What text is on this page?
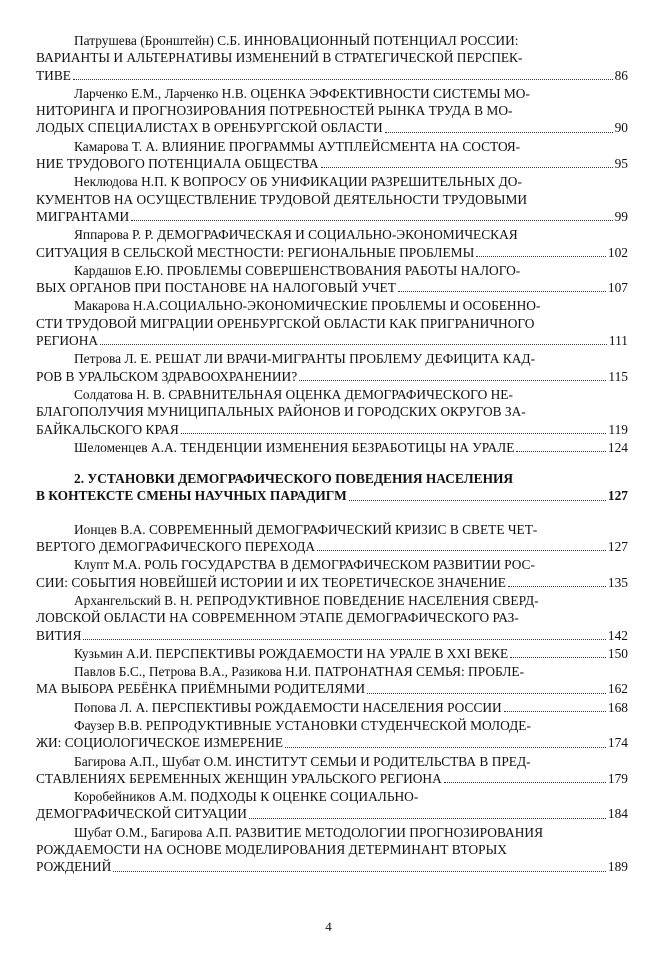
Патрушева (Бронштейн) С.Б. ИННОВАЦИОННЫЙ ПОТЕНЦИАЛ РОССИИ:
ВАРИАНТЫ И АЛЬТЕРНАТИВЫ ИЗМЕНЕНИЙ В СТРАТЕГИЧЕСКОЙ ПЕРСПЕК-
ТИВЕ	86
Ларченко Е.М., Ларченко Н.В. ОЦЕНКА ЭФФЕКТИВНОСТИ СИСТЕМЫ МО-
НИТОРИНГА И ПРОГНОЗИРОВАНИЯ ПОТРЕБНОСТЕЙ РЫНКА ТРУДА В МО-
ЛОДЫХ СПЕЦИАЛИСТАХ В ОРЕНБУРГСКОЙ ОБЛАСТИ	90
Камарова Т. А. ВЛИЯНИЕ ПРОГРАММЫ АУТПЛЕЙСМЕНТА НА СОСТОЯ-
НИЕ ТРУДОВОГО ПОТЕНЦИАЛА ОБЩЕСТВА	95
Неклюдова Н.П. К ВОПРОСУ ОБ УНИФИКАЦИИ РАЗРЕШИТЕЛЬНЫХ ДО-
КУМЕНТОВ НА ОСУЩЕСТВЛЕНИЕ ТРУДОВОЙ ДЕЯТЕЛЬНОСТИ ТРУДОВЫМИ
МИГРАНТАМИ	99
Яппарова Р. Р. ДЕМОГРАФИЧЕСКАЯ И СОЦИАЛЬНО-ЭКОНОМИЧЕСКАЯ
СИТУАЦИЯ В СЕЛЬСКОЙ МЕСТНОСТИ: РЕГИОНАЛЬНЫЕ ПРОБЛЕМЫ	102
Кардашов Е.Ю. ПРОБЛЕМЫ СОВЕРШЕНСТВОВАНИЯ РАБОТЫ НАЛОГО-
ВЫХ ОРГАНОВ ПРИ ПОСТАНОВЕ НА НАЛОГОВЫЙ УЧЕТ	107
Макарова Н.А.СОЦИАЛЬНО-ЭКОНОМИЧЕСКИЕ ПРОБЛЕМЫ И ОСОБЕННО-
СТИ ТРУДОВОЙ МИГРАЦИИ ОРЕНБУРГСКОЙ ОБЛАСТИ КАК ПРИГРАНИЧНОГО
РЕГИОНА	111
Петрова Л. Е. РЕШАТ ЛИ ВРАЧИ-МИГРАНТЫ ПРОБЛЕМУ ДЕФИЦИТА КАД-
РОВ В УРАЛЬСКОМ ЗДРАВООХРАНЕНИИ?	115
Солдатова Н. В. СРАВНИТЕЛЬНАЯ ОЦЕНКА ДЕМОГРАФИЧЕСКОГО НЕ-
БЛАГОПОЛУЧИЯ МУНИЦИПАЛЬНЫХ РАЙОНОВ И ГОРОДСКИХ ОКРУГОВ ЗА-
БАЙКАЛЬСКОГО КРАЯ	119
Шеломенцев А.А. ТЕНДЕНЦИИ ИЗМЕНЕНИЯ БЕЗРАБОТИЦЫ НА УРАЛЕ	124
2. УСТАНОВКИ ДЕМОГРАФИЧЕСКОГО ПОВЕДЕНИЯ НАСЕЛЕНИЯ
В КОНТЕКСТЕ СМЕНЫ НАУЧНЫХ ПАРАДИГМ	127
Ионцев В.А. СОВРЕМЕННЫЙ ДЕМОГРАФИЧЕСКИЙ КРИЗИС В СВЕТЕ ЧЕТ-
ВЕРТОГО ДЕМОГРАФИЧЕСКОГО ПЕРЕХОДА	127
Клупт М.А. РОЛЬ ГОСУДАРСТВА В ДЕМОГРАФИЧЕСКОМ РАЗВИТИИ РОС-
СИИ: СОБЫТИЯ НОВЕЙШЕЙ ИСТОРИИ И ИХ ТЕОРЕТИЧЕСКОЕ ЗНАЧЕНИЕ	135
Архангельский В. Н. РЕПРОДУКТИВНОЕ ПОВЕДЕНИЕ НАСЕЛЕНИЯ СВЕРД-
ЛОВСКОЙ ОБЛАСТИ НА СОВРЕМЕННОМ ЭТАПЕ ДЕМОГРАФИЧЕСКОГО РАЗ-
ВИТИЯ	142
Кузьмин А.И. ПЕРСПЕКТИВЫ РОЖДАЕМОСТИ НА УРАЛЕ В XXI ВЕКЕ	150
Павлов Б.С., Петрова В.А., Разикова Н.И. ПАТРОНАТНАЯ СЕМЬЯ: ПРОБЛЕ-
МА ВЫБОРА РЕБЁНКА ПРИЁМНЫМИ РОДИТЕЛЯМИ	162
Попова Л. А. ПЕРСПЕКТИВЫ РОЖДАЕМОСТИ НАСЕЛЕНИЯ РОССИИ	168
Фаузер В.В. РЕПРОДУКТИВНЫЕ УСТАНОВКИ СТУДЕНЧЕСКОЙ МОЛОДЕ-
ЖИ: СОЦИОЛОГИЧЕСКОЕ ИЗМЕРЕНИЕ	174
Багирова А.П., Шубат О.М. ИНСТИТУТ СЕМЬИ И РОДИТЕЛЬСТВА В ПРЕД-
СТАВЛЕНИЯХ БЕРЕМЕННЫХ ЖЕНЩИН УРАЛЬСКОГО РЕГИОНА	179
Коробейников А.М. ПОДХОДЫ К ОЦЕНКЕ СОЦИАЛЬНО-
ДЕМОГРАФИЧЕСКОЙ СИТУАЦИИ	184
Шубат О.М., Багирова А.П. РАЗВИТИЕ МЕТОДОЛОГИИ ПРОГНОЗИРОВАНИЯ
РОЖДАЕМОСТИ НА ОСНОВЕ МОДЕЛИРОВАНИЯ ДЕТЕРМИНАНТ ВТОРЫХ
РОЖДЕНИЙ	189
4
